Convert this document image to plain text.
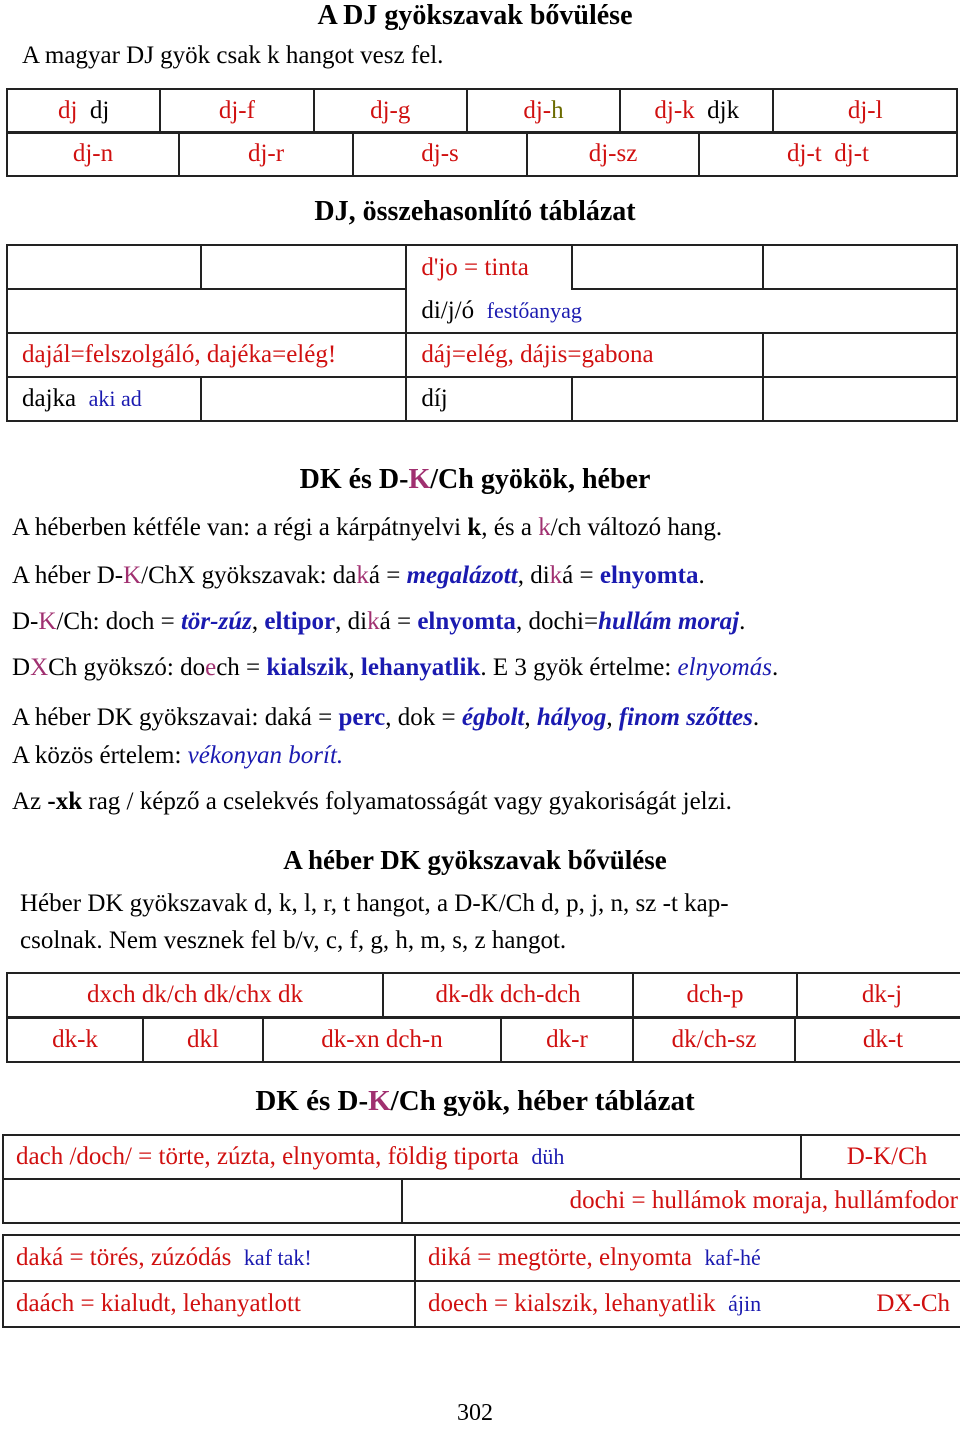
A DJ gyökszavak bővülése
A magyar DJ gyök csak k hangot vesz fel.
dj dj	dj-f	dj-g	dj-h	dj-k djk	dj-l
dj-n	dj-r	dj-s	dj-sz	dj-t dj-t
DJ, összehasonlító táblázat
		d'jo = tinta		
		di/j/ó festőanyag		
dajál=felszolgáló, dajéka=elég!		dáj=elég, dájis=gabona		
dajka aki ad		díj		
DK és D-K/Ch gyökök, héber
A héberben kétféle van: a régi a kárpátnyelvi k, és a k/ch változó hang.
A héber D-K/ChX gyökszavak: daká = megalázott, diká = elnyomta.
D-K/Ch: doch = tör-zúz, eltipor, diká = elnyomta, dochi=hullám moraj.
DXCh gyökszó: doech = kialszik, lehanyatlik. E 3 gyök értelme: elnyomás.
A héber DK gyökszavai: daká = perc, dok = égbolt, hályog, finom szőttes.
A közös értelem: vékonyan borít.
Az -xk rag / képző a cselekvés folyamatosságát vagy gyakoriságát jelzi.
A héber DK gyökszavak bővülése
Héber DK gyökszavak d, k, l, r, t hangot, a D-K/Ch d, p, j, n, sz -t kap-
csolnak. Nem vesznek fel b/v, c, f, g, h, m, s, z hangot.
dxch dk/ch dk/chx dk	dk-dk dch-dch	dch-p	dk-j
dk-k	dkl	dk-xn dch-n	dk-r	dk/ch-sz	dk-t
DK és D-K/Ch gyök, héber táblázat
dach /doch/ = törte, zúzta, elnyomta, földig tiporta düh		D-K/Ch
	dochi = hullámok moraja, hullámfodor	
daká = törés, zúzódás kaf tak!	diká = megtörte, elnyomta kaf-hé
daách = kialudt, lehanyatlott	doech = kialszik, lehanyatlik ájin DX-Ch
302
